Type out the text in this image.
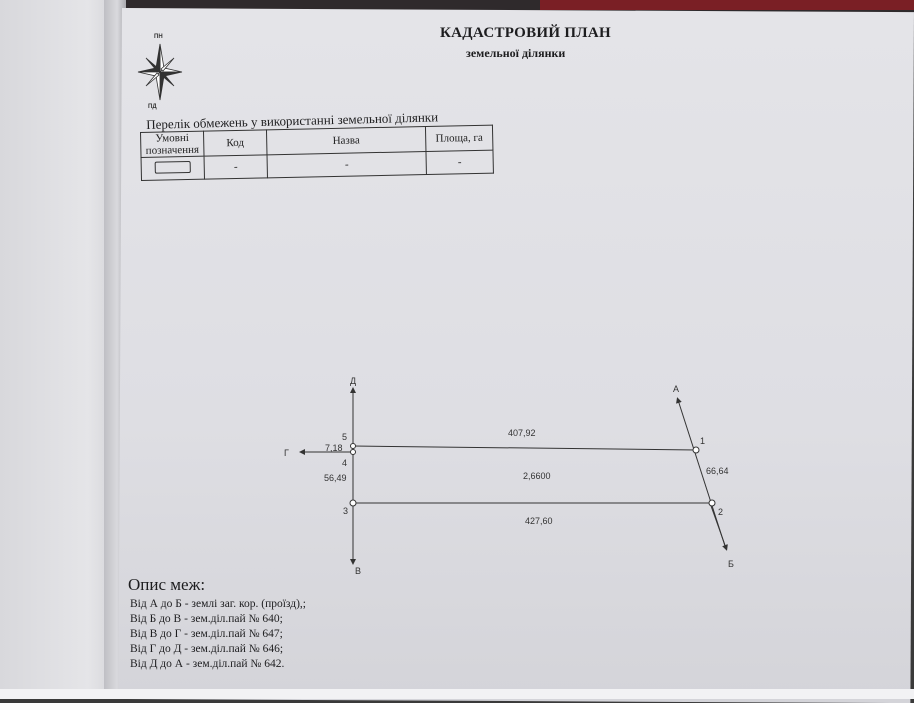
КАДАСТРОВИЙ ПЛАН
земельної ділянки
ПН
ПД
Перелік обмежень у використанні земельної ділянки
Умовні позначення	Код	Назва	Площа, га
	-	-	-
Д
Г
В
А
Б
1
2
3
4
5	407,92
427,60
66,64
7,18
56,49	2,6600
Опис меж:
Від А до Б - землі заг. кор. (проїзд),;
Від Б до В - зем.діл.пай № 640;
Від В до Г - зем.діл.пай № 647;
Від Г до Д - зем.діл.пай № 646;
Від Д до А - зем.діл.пай № 642.
